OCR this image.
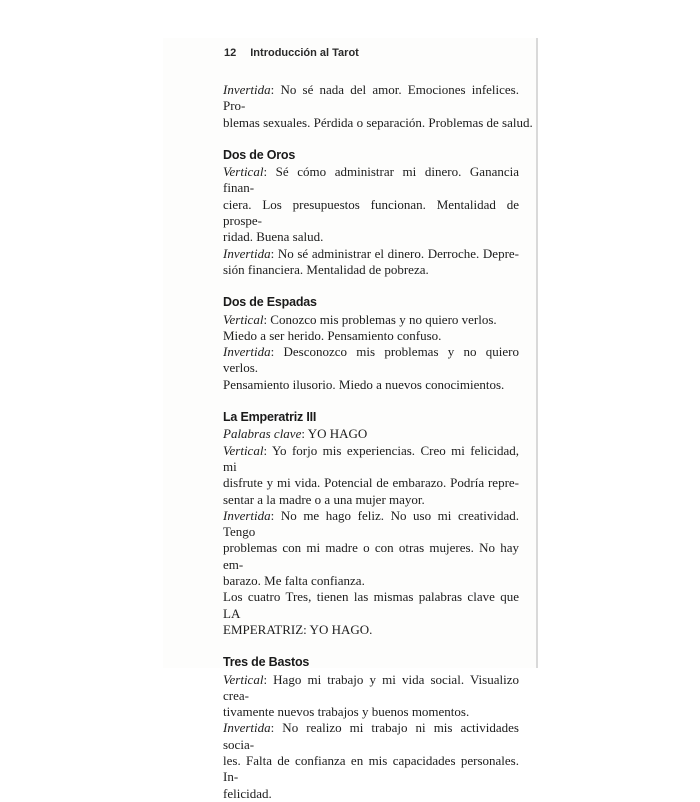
12 Introducción al Tarot
Invertida: No sé nada del amor. Emociones infelices. Pro-
blemas sexuales. Pérdida o separación. Problemas de salud.
Dos de Oros
Vertical: Sé cómo administrar mi dinero. Ganancia finan-
ciera. Los presupuestos funcionan. Mentalidad de prospe-
ridad. Buena salud.
Invertida: No sé administrar el dinero. Derroche. Depre-
sión financiera. Mentalidad de pobreza.
Dos de Espadas
Vertical: Conozco mis problemas y no quiero verlos.
Miedo a ser herido. Pensamiento confuso.
Invertida: Desconozco mis problemas y no quiero verlos.
Pensamiento ilusorio. Miedo a nuevos conocimientos.
La Emperatriz III
Palabras clave: YO HAGO
Vertical: Yo forjo mis experiencias. Creo mi felicidad, mi
disfrute y mi vida. Potencial de embarazo. Podría repre-
sentar a la madre o a una mujer mayor.
Invertida: No me hago feliz. No uso mi creatividad. Tengo
problemas con mi madre o con otras mujeres. No hay em-
barazo. Me falta confianza.
Los cuatro Tres, tienen las mismas palabras clave que LA
EMPERATRIZ: YO HAGO.
Tres de Bastos
Vertical: Hago mi trabajo y mi vida social. Visualizo crea-
tivamente nuevos trabajos y buenos momentos.
Invertida: No realizo mi trabajo ni mis actividades socia-
les. Falta de confianza en mis capacidades personales. In-
felicidad.
